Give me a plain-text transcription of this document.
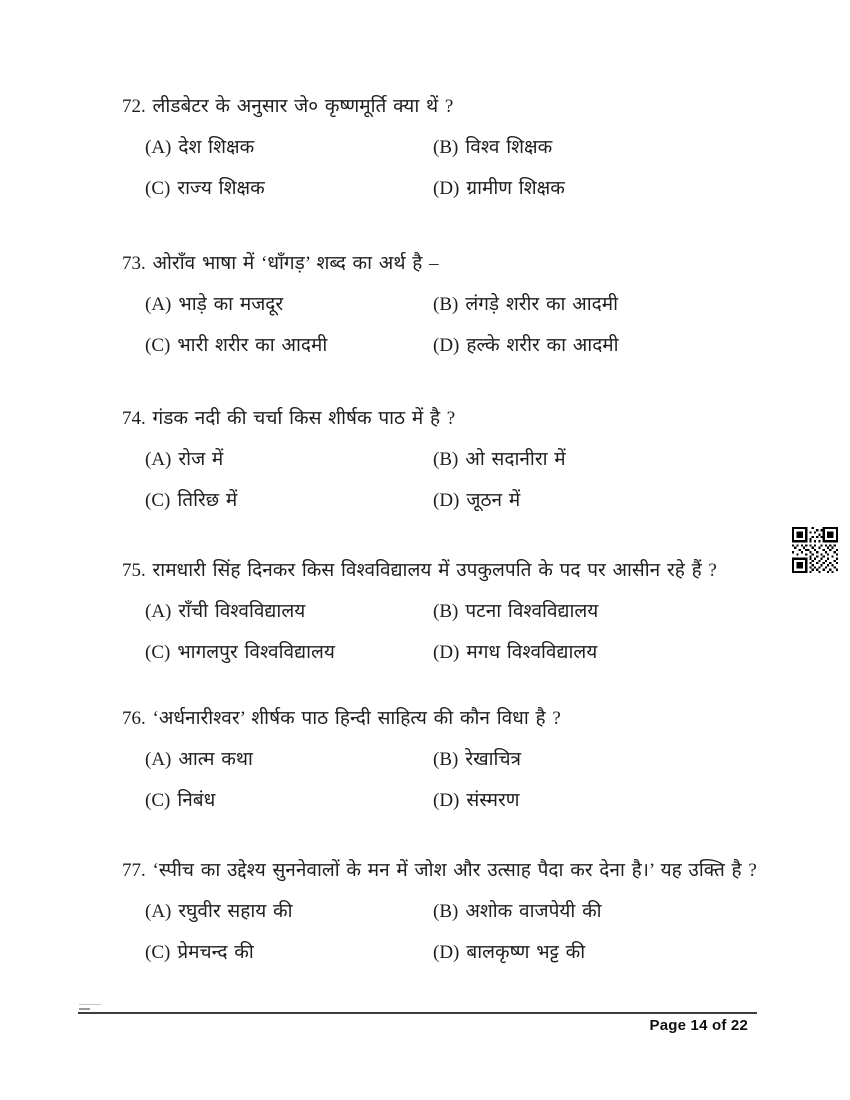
72. लीडबेटर के अनुसार जे० कृष्णमूर्ति क्या थें ?
(A) देश शिक्षक	(B) विश्व शिक्षक
(C) राज्य शिक्षक	(D) ग्रामीण शिक्षक
73. ओराँव भाषा में ‘धाँगड़’ शब्द का अर्थ है –
(A) भाड़े का मजदूर	(B) लंगड़े शरीर का आदमी
(C) भारी शरीर का आदमी	(D) हल्के शरीर का आदमी
74. गंडक नदी की चर्चा किस शीर्षक पाठ में है ?
(A) रोज में	(B) ओ सदानीरा में
(C) तिरिछ में	(D) जूठन में
75. रामधारी सिंह दिनकर किस विश्वविद्यालय में उपकुलपति के पद पर आसीन रहे हैं ?
(A) राँची विश्वविद्यालय	(B) पटना विश्वविद्यालय
(C) भागलपुर विश्वविद्यालय	(D) मगध विश्वविद्यालय
76. ‘अर्धनारीश्वर’ शीर्षक पाठ हिन्दी साहित्य की कौन विधा है ?
(A) आत्म कथा	(B) रेखाचित्र
(C) निबंध	(D) संस्मरण
77. ‘स्पीच का उद्देश्य सुननेवालों के मन में जोश और उत्साह पैदा कर देना है।’ यह उक्ति है ?
(A) रघुवीर सहाय की	(B) अशोक वाजपेयी की
(C) प्रेमचन्द की	(D) बालकृष्ण भट्ट की
Page 14 of 22
